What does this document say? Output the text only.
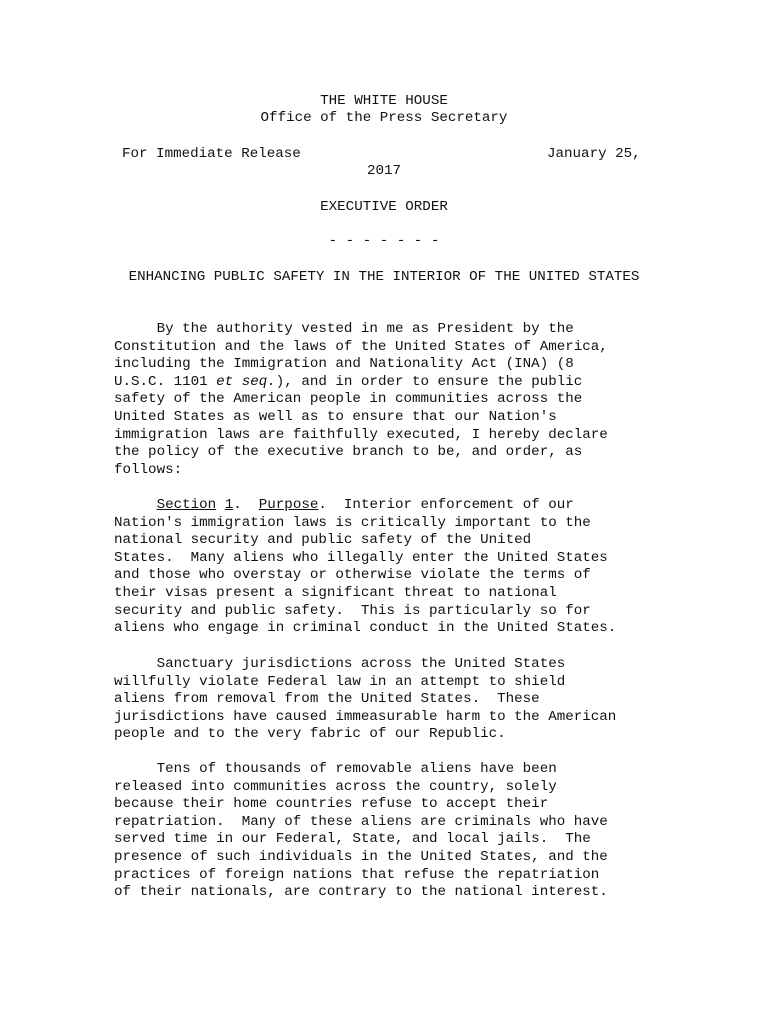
THE WHITE HOUSE
Office of the Press Secretary
For Immediate Release	January 25,
2017
EXECUTIVE ORDER
- - - - - - -
ENHANCING PUBLIC SAFETY IN THE INTERIOR OF THE UNITED STATES
By the authority vested in me as President by the
Constitution and the laws of the United States of America,
including the Immigration and Nationality Act (INA) (8
U.S.C. 1101 et seq.), and in order to ensure the public
safety of the American people in communities across the
United States as well as to ensure that our Nation's
immigration laws are faithfully executed, I hereby declare
the policy of the executive branch to be, and order, as
follows:
Section 1.  Purpose.  Interior enforcement of our
Nation's immigration laws is critically important to the
national security and public safety of the United
States.  Many aliens who illegally enter the United States
and those who overstay or otherwise violate the terms of
their visas present a significant threat to national
security and public safety.  This is particularly so for
aliens who engage in criminal conduct in the United States.
Sanctuary jurisdictions across the United States
willfully violate Federal law in an attempt to shield
aliens from removal from the United States.  These
jurisdictions have caused immeasurable harm to the American
people and to the very fabric of our Republic.
Tens of thousands of removable aliens have been
released into communities across the country, solely
because their home countries refuse to accept their
repatriation.  Many of these aliens are criminals who have
served time in our Federal, State, and local jails.  The
presence of such individuals in the United States, and the
practices of foreign nations that refuse the repatriation
of their nationals, are contrary to the national interest.
